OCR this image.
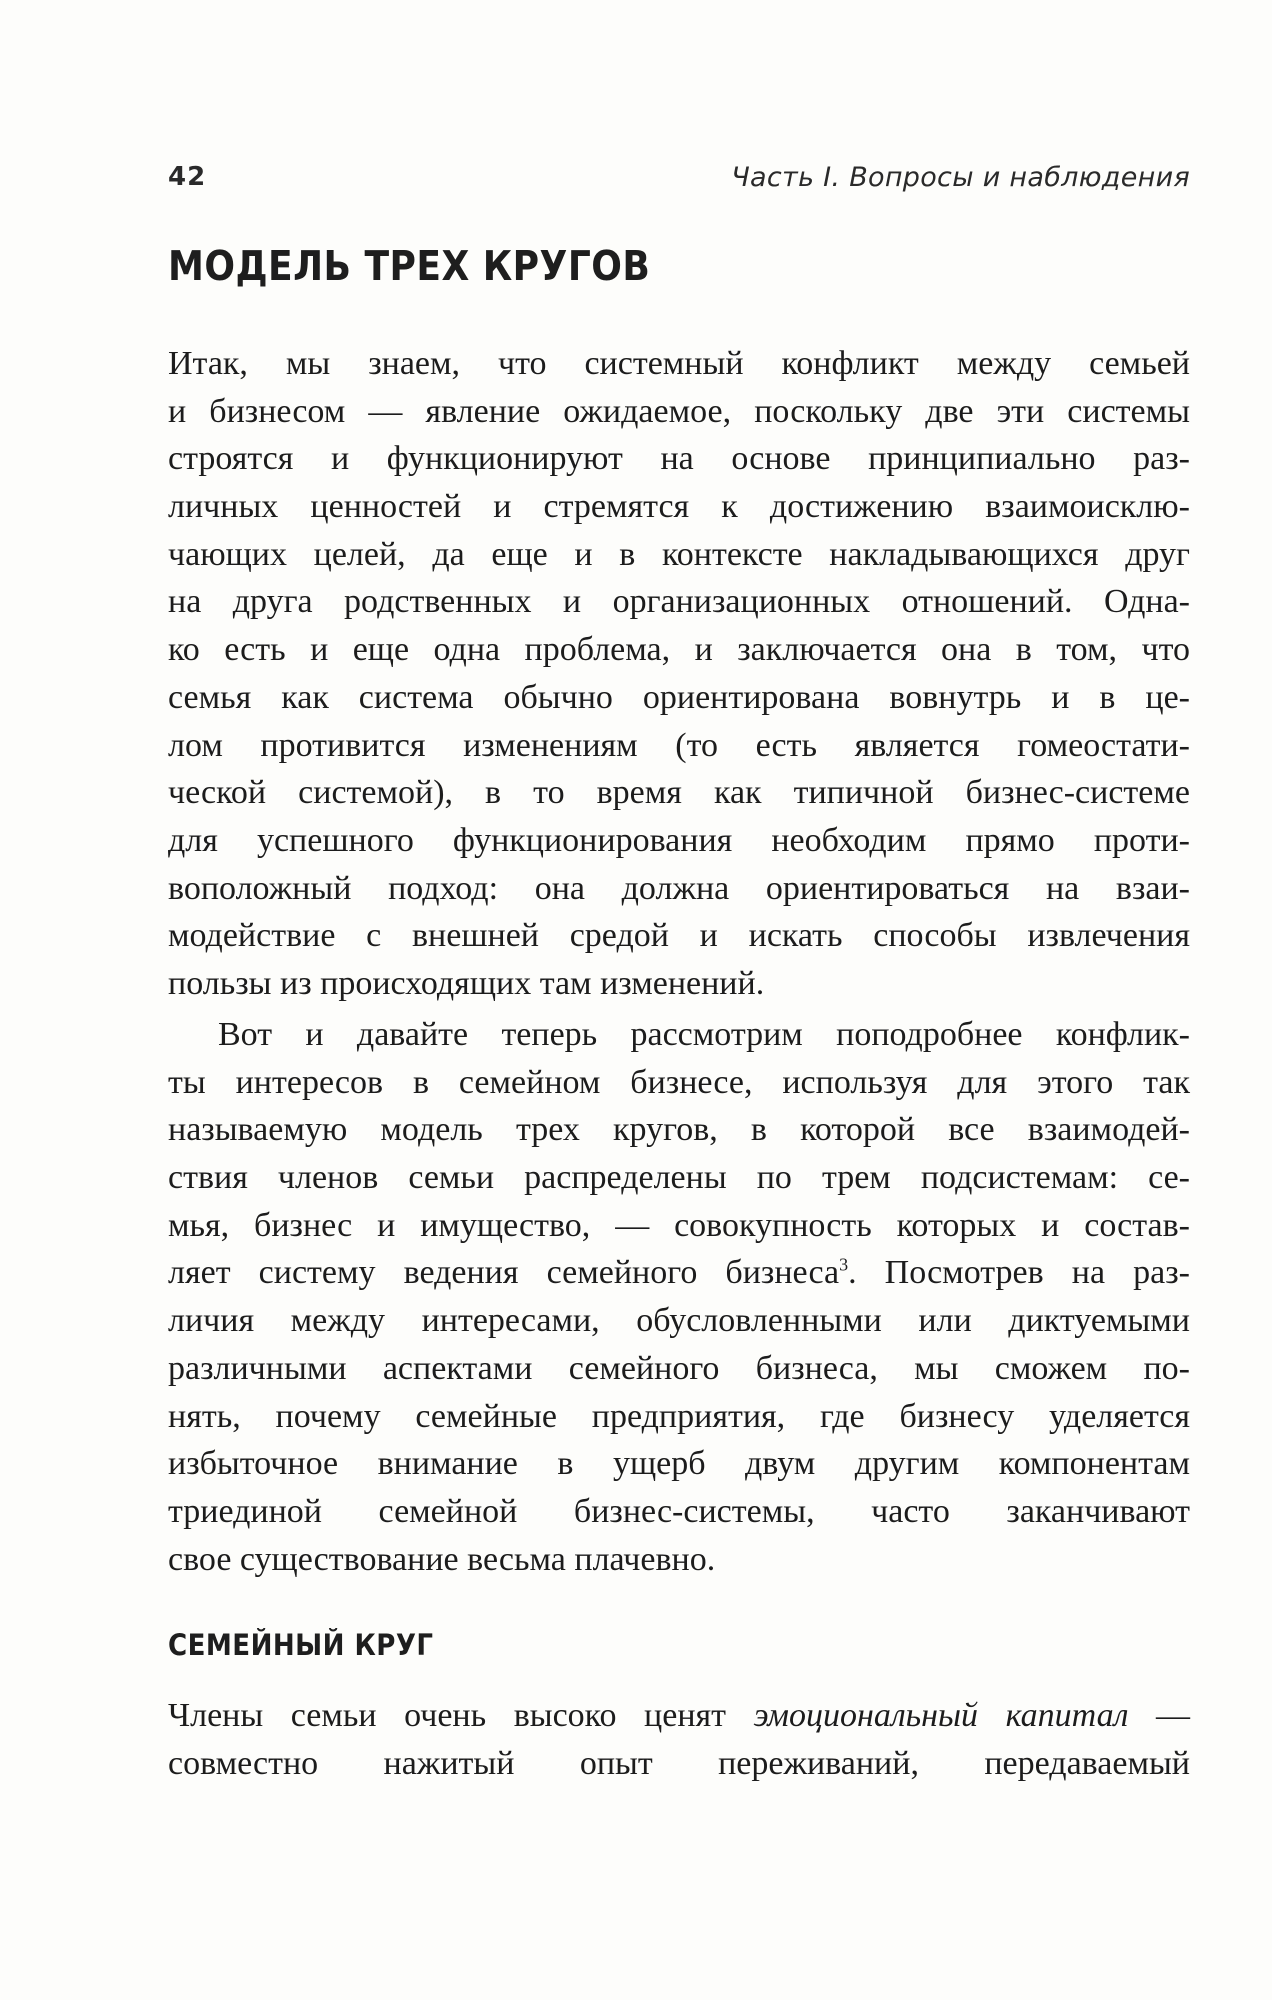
42	Часть I. Вопросы и наблюдения
МОДЕЛЬ ТРЕХ КРУГОВ
Итак, мы знаем, что системный конфликт между семьей
и бизнесом — явление ожидаемое, поскольку две эти системы
строятся и функционируют на основе принципиально раз-
личных ценностей и стремятся к достижению взаимоисклю-
чающих целей, да еще и в контексте накладывающихся друг
на друга родственных и организационных отношений. Одна-
ко есть и еще одна проблема, и заключается она в том, что
семья как система обычно ориентирована вовнутрь и в це-
лом противится изменениям (то есть является гомеостати-
ческой системой), в то время как типичной бизнес-системе
для успешного функционирования необходим прямо проти-
воположный подход: она должна ориентироваться на взаи-
модействие с внешней средой и искать способы извлечения
пользы из происходящих там изменений.
Вот и давайте теперь рассмотрим поподробнее конфлик-
ты интересов в семейном бизнесе, используя для этого так
называемую модель трех кругов, в которой все взаимодей-
ствия членов семьи распределены по трем подсистемам: се-
мья, бизнес и имущество, — совокупность которых и состав-
ляет систему ведения семейного бизнеса$^3$. Посмотрев на раз-
личия между интересами, обусловленными или диктуемыми
различными аспектами семейного бизнеса, мы сможем по-
нять, почему семейные предприятия, где бизнесу уделяется
избыточное внимание в ущерб двум другим компонентам
триединой семейной бизнес-системы, часто заканчивают
свое существование весьма плачевно.
СЕМЕЙНЫЙ КРУГ
Члены семьи очень высоко ценят эмоциональный капитал —
совместно нажитый опыт переживаний, передаваемый
